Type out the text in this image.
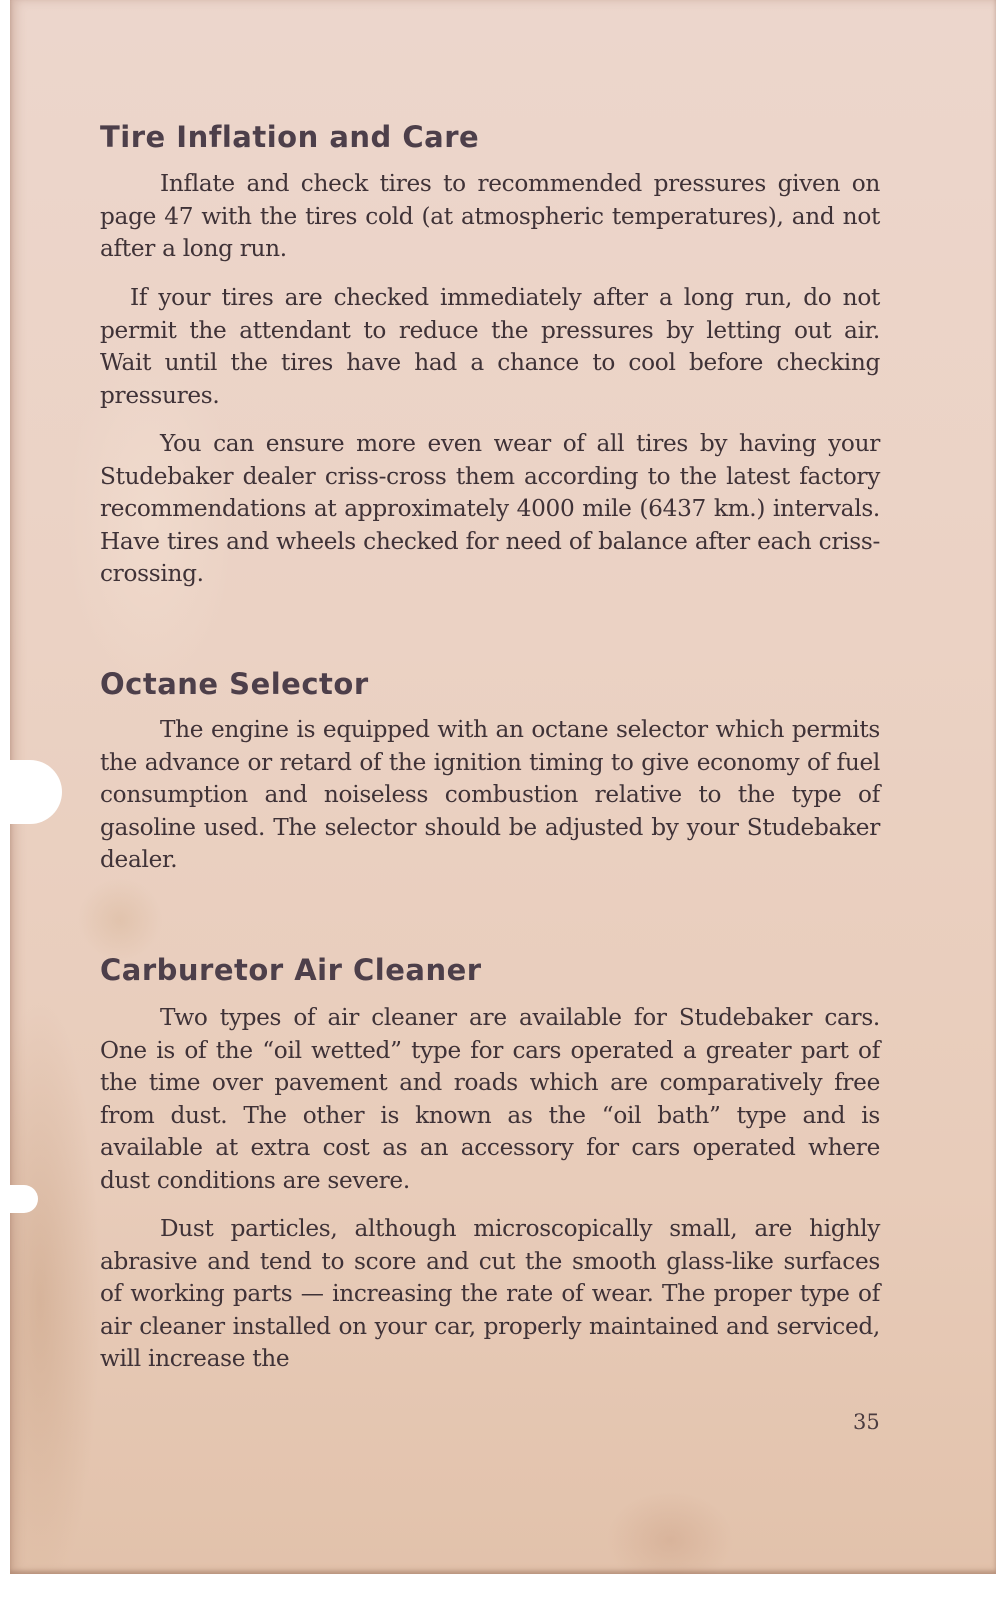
Tire Inflation and Care

Inflate and check tires to recommended pressures given on page 47 with the tires cold (at atmospheric temperatures), and not after a long run.

If your tires are checked immediately after a long run, do not permit the attendant to reduce the pressures by letting out air. Wait until the tires have had a chance to cool before checking pressures.

You can ensure more even wear of all tires by having your Studebaker dealer criss-cross them according to the latest factory recommendations at approximately 4000 mile (6437 km.) intervals. Have tires and wheels checked for need of balance after each criss-crossing.

Octane Selector

The engine is equipped with an octane selector which permits the advance or retard of the ignition timing to give economy of fuel consumption and noiseless combustion relative to the type of gasoline used. The selector should be adjusted by your Studebaker dealer.

Carburetor Air Cleaner

Two types of air cleaner are available for Studebaker cars. One is of the “oil wetted” type for cars operated a greater part of the time over pavement and roads which are comparatively free from dust. The other is known as the “oil bath” type and is available at extra cost as an accessory for cars operated where dust conditions are severe.

Dust particles, although microscopically small, are highly abrasive and tend to score and cut the smooth glass-like surfaces of working parts — increasing the rate of wear. The proper type of air cleaner installed on your car, properly maintained and serviced, will increase the

35
